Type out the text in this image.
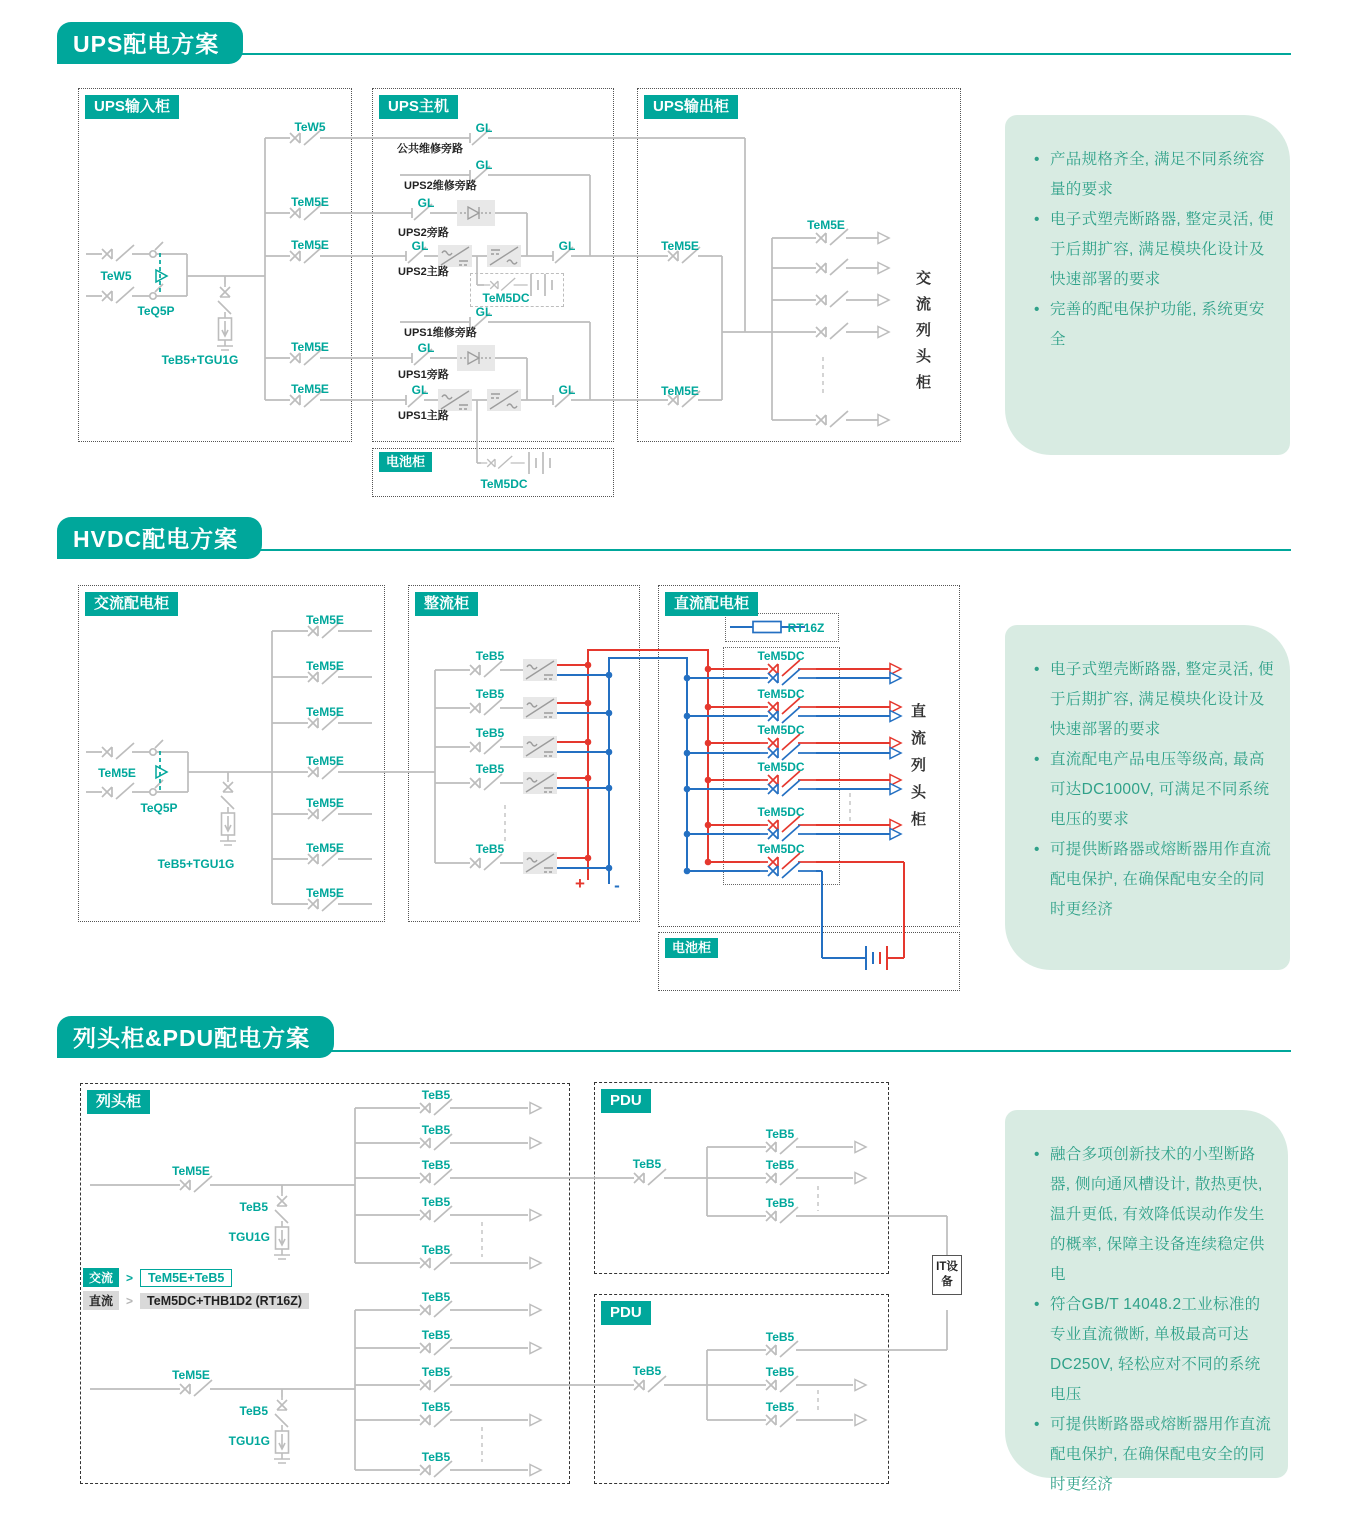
UPS配电方案
HVDC配电方案
列头柜&PDU配电方案
UPS输入柜	UPS主机	UPS输出柜
电池柜
交流配电柜	整流柜	直流配电柜
电池柜
列头柜	PDU
PDU
交流列头柜
直流列头柜
IT设备
交流	>	TeM5E+TeB5
直流	>	TeM5DC+THB1D2 (RT16Z)
• 产品规格齐全, 满足不同系统容量的要求
• 电子式塑壳断路器, 整定灵活, 便于后期扩容, 满足模块化设计及快速部署的要求
• 完善的配电保护功能, 系统更安全
• 电子式塑壳断路器, 整定灵活, 便于后期扩容, 满足模块化设计及快速部署的要求
• 直流配电产品电压等级高, 最高可达DC1000V, 可满足不同系统电压的要求
• 可提供断路器或熔断器用作直流配电保护, 在确保配电安全的同时更经济
• 融合多项创新技术的小型断路器, 侧向通风槽设计, 散热更快, 温升更低, 有效降低误动作发生的概率, 保障主设备连续稳定供电
• 符合GB/T 14048.2工业标准的专业直流微断, 单极最高可达DC250V, 轻松应对不同的系统电压
• 可提供断路器或熔断器用作直流配电保护, 在确保配电安全的同时更经济
TeW5
TeQ5P
TeB5+TGU1G
TeW5
TeM5E
TeM5E
TeM5E
TeM5E
GL
GL
GL
GL	GL
GL
GL
GL	GL
TeM5DC
TeM5DC
公共维修旁路
UPS2维修旁路
UPS2旁路
UPS2主路
UPS1维修旁路
UPS1旁路
UPS1主路
TeM5E
TeM5E
TeM5E
TeM5E
TeQ5P
TeB5+TGU1G
TeM5E
TeM5E
TeM5E
TeM5E
TeM5E
TeM5E
TeM5E
TeB5
TeB5
TeB5
TeB5
TeB5
+ -
RT16Z
TeM5DC
TeM5DC
TeM5DC
TeM5DC
TeM5DC
TeM5DC
TeM5E
TeM5E
TeB5
TGU1G
TeB5
TGU1G
TeB5
TeB5
TeB5
TeB5
TeB5
TeB5
TeB5
TeB5
TeB5
TeB5
TeB5
TeB5
TeB5
TeB5
TeB5
TeB5
TeB5
TeB5
